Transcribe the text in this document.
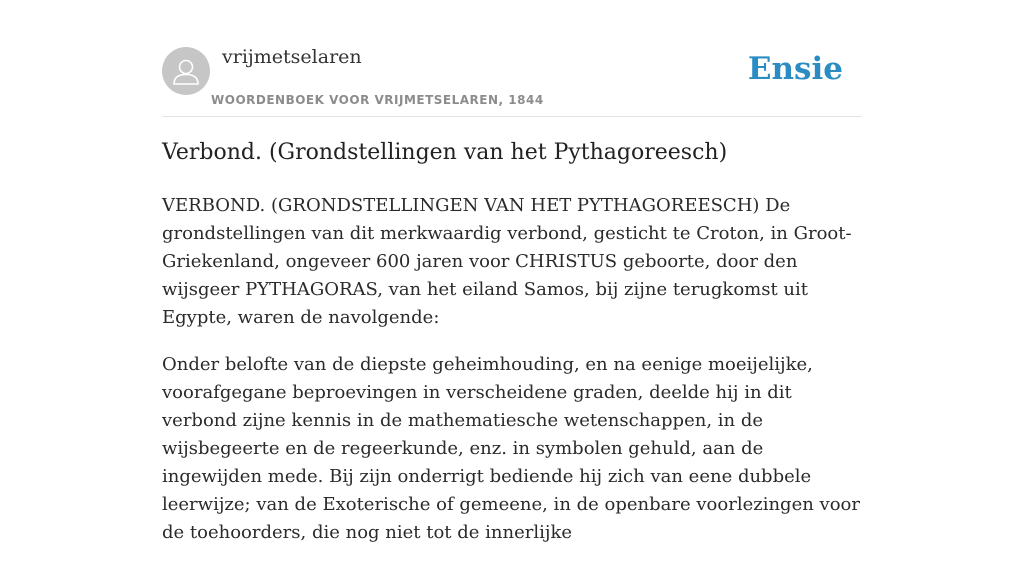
vrijmetselaren
WOORDENBOEK VOOR VRIJMETSELAREN, 1844
Ensie
Verbond. (Grondstellingen van het Pythagoreesch)

VERBOND. (GRONDSTELLINGEN VAN HET PYTHAGOREESCH) De grondstellingen van dit merkwaardig verbond, gesticht te Croton, in Groot-Griekenland, ongeveer 600 jaren voor CHRISTUS geboorte, door den wijsgeer PYTHAGORAS, van het eiland Samos, bij zijne terugkomst uit Egypte, waren de navolgende:

Onder belofte van de diepste geheimhouding, en na eenige moeijelijke, voorafgegane beproevingen in verscheidene graden, deelde hij in dit verbond zijne kennis in de mathematiesche wetenschappen, in de wijsbegeerte en de regeerkunde, enz. in symbolen gehuld, aan de ingewijden mede. Bij zijn onderrigt bediende hij zich van eene dubbele leerwijze; van de Exoterische of gemeene, in de openbare voorlezingen voor de toehoorders, die nog niet tot de innerlijke
